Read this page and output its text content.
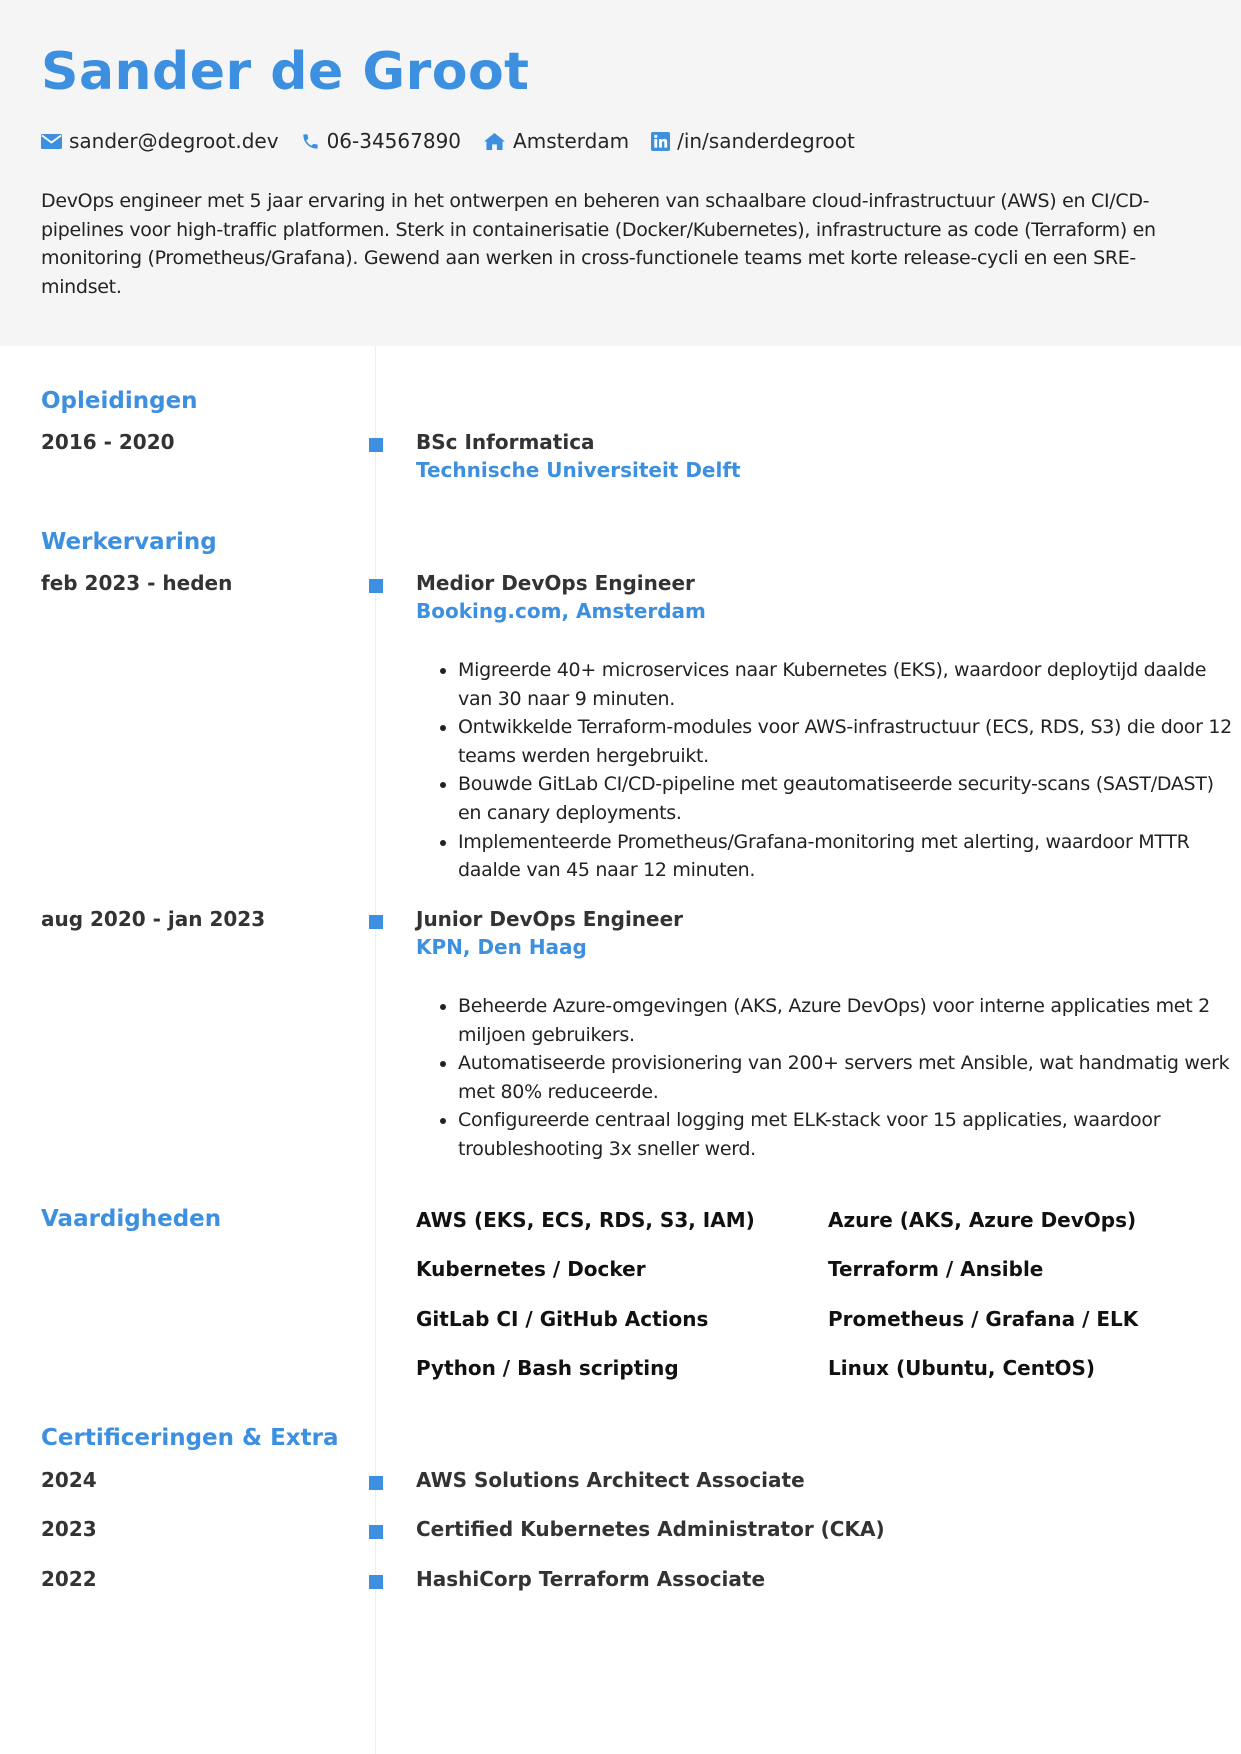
Sander de Groot
sander@degroot.dev 06-34567890	Amsterdam /in/sanderdegroot

DevOps engineer met 5 jaar ervaring in het ontwerpen en beheren van schaalbare cloud-infrastructuur (AWS) en CI/CD-pipelines voor high-traffic platformen. Sterk in containerisatie (Docker/Kubernetes), infrastructure as code (Terraform) en monitoring (Prometheus/Grafana). Gewend aan werken in cross-functionele teams met korte release-cycli en een SRE-mindset.

Opleidingen
2016 - 2020	BSc Informatica
Technische Universiteit Delft
Werkervaring
feb 2023 - heden	Medior DevOps Engineer
Booking.com, Amsterdam
• Migreerde 40+ microservices naar Kubernetes (EKS), waardoor deploytijd daalde van 30 naar 9 minuten.
• Ontwikkelde Terraform-modules voor AWS-infrastructuur (ECS, RDS, S3) die door 12 teams werden hergebruikt.
• Bouwde GitLab CI/CD-pipeline met geautomatiseerde security-scans (SAST/DAST) en canary deployments.
• Implementeerde Prometheus/Grafana-monitoring met alerting, waardoor MTTR daalde van 45 naar 12 minuten.
aug 2020 - jan 2023	Junior DevOps Engineer
KPN, Den Haag
• Beheerde Azure-omgevingen (AKS, Azure DevOps) voor interne applicaties met 2 miljoen gebruikers.
• Automatiseerde provisionering van 200+ servers met Ansible, wat handmatig werk met 80% reduceerde.
• Configureerde centraal logging met ELK-stack voor 15 applicaties, waardoor troubleshooting 3x sneller werd.
Vaardigheden	AWS (EKS, ECS, RDS, S3, IAM)	Azure (AKS, Azure DevOps)
Kubernetes / Docker	Terraform / Ansible
GitLab CI / GitHub Actions	Prometheus / Grafana / ELK
Python / Bash scripting	Linux (Ubuntu, CentOS)
Certificeringen & Extra
2024	AWS Solutions Architect Associate
2023	Certified Kubernetes Administrator (CKA)
2022	HashiCorp Terraform Associate
